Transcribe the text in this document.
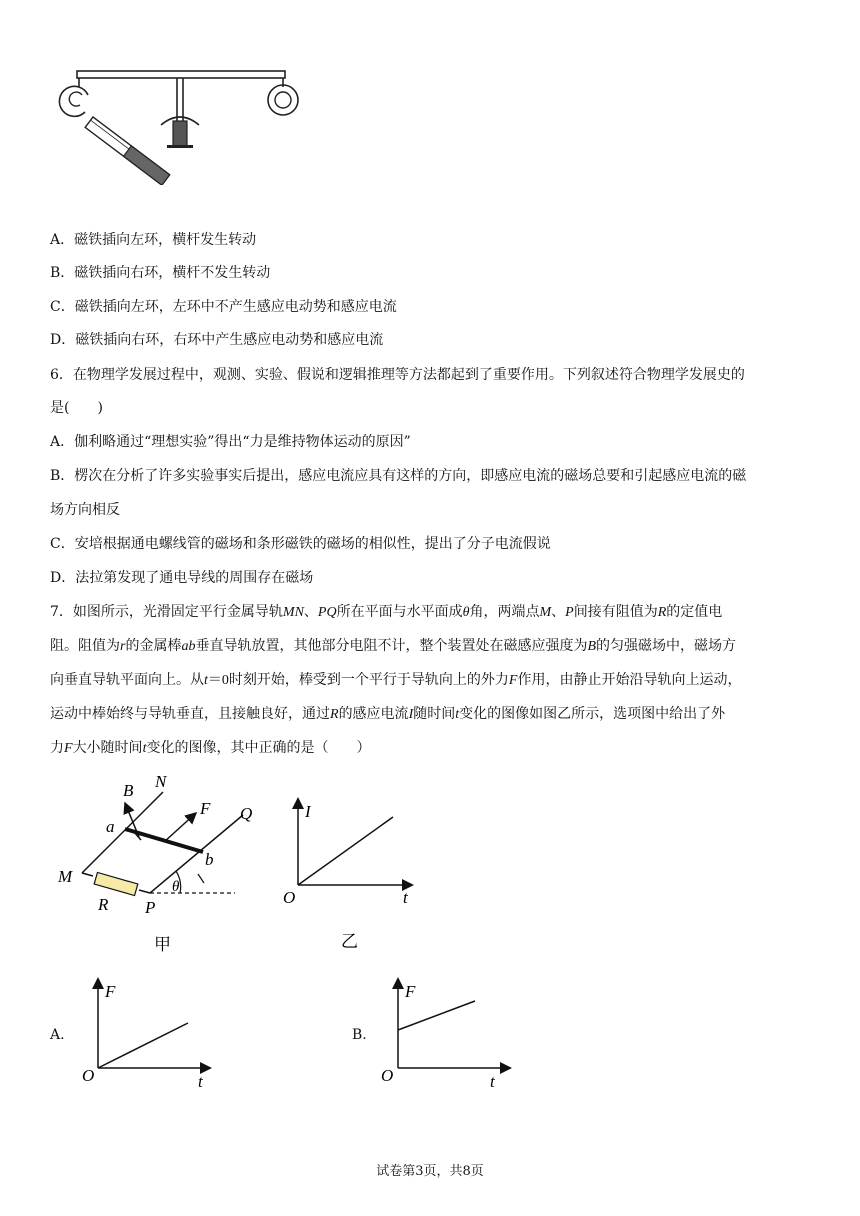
A．磁铁插向左环，横杆发生转动
B．磁铁插向右环，横杆不发生转动
C．磁铁插向左环，左环中不产生感应电动势和感应电流
D．磁铁插向右环，右环中产生感应电动势和感应电流
6．在物理学发展过程中，观测、实验、假说和逻辑推理等方法都起到了重要作用。下列叙述符合物理学发展史的
是(　　)
A．伽利略通过“理想实验”得出“力是维持物体运动的原因”
B．楞次在分析了许多实验事实后提出，感应电流应具有这样的方向，即感应电流的磁场总要和引起感应电流的磁
场方向相反
C．安培根据通电螺线管的磁场和条形磁铁的磁场的相似性，提出了分子电流假说
D．法拉第发现了通电导线的周围存在磁场
7．如图所示，光滑固定平行金属导轨MN、PQ所在平面与水平面成θ角，两端点M、P间接有阻值为R的定值电
阻。阻值为r的金属棒ab垂直导轨放置，其他部分电阻不计，整个装置处在磁感应强度为B的匀强磁场中，磁场方
向垂直导轨平面向上。从t＝0时刻开始，棒受到一个平行于导轨向上的外力F作用，由静止开始沿导轨向上运动，
运动中棒始终与导轨垂直，且接触良好，通过R的感应电流I随时间t变化的图像如图乙所示，选项图中给出了外
力F大小随时间t变化的图像，其中正确的是（　　）
B N
F Q
a
b
M
R P
θ
甲
I
O	t
乙
A.
F
O	t
B.
F
O	t
试卷第3页，共8页
